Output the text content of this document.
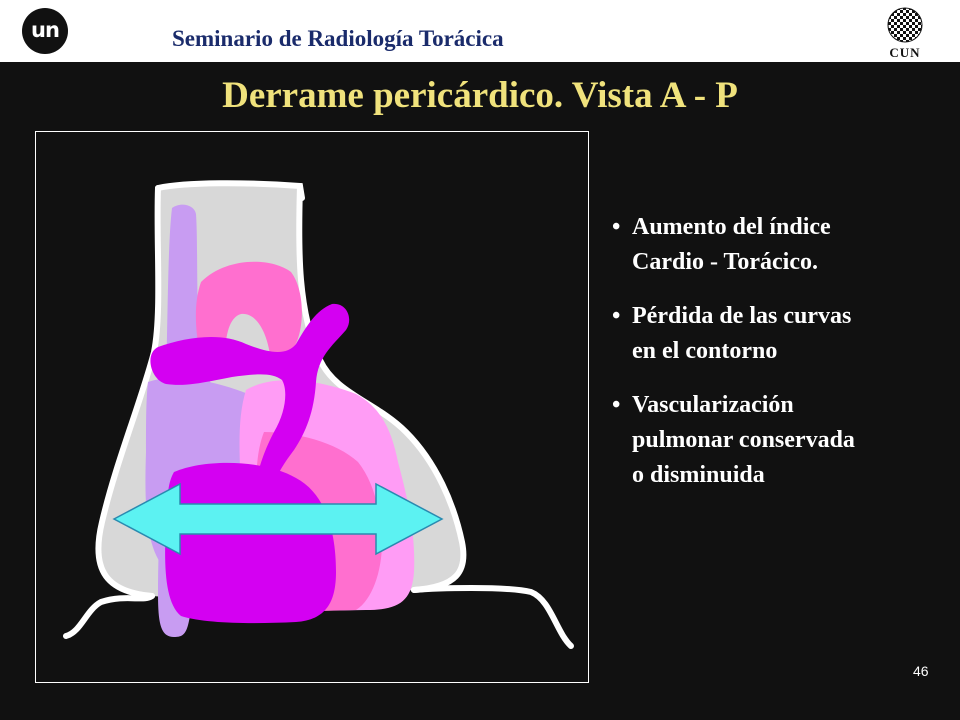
un	Seminario de Radiología Torácica
CUN
Derrame pericárdico. Vista A - P
• Aumento del índice
Cardio - Torácico.
• Pérdida de las curvas
en el contorno
• Vascularización
pulmonar conservada
o disminuida
46
